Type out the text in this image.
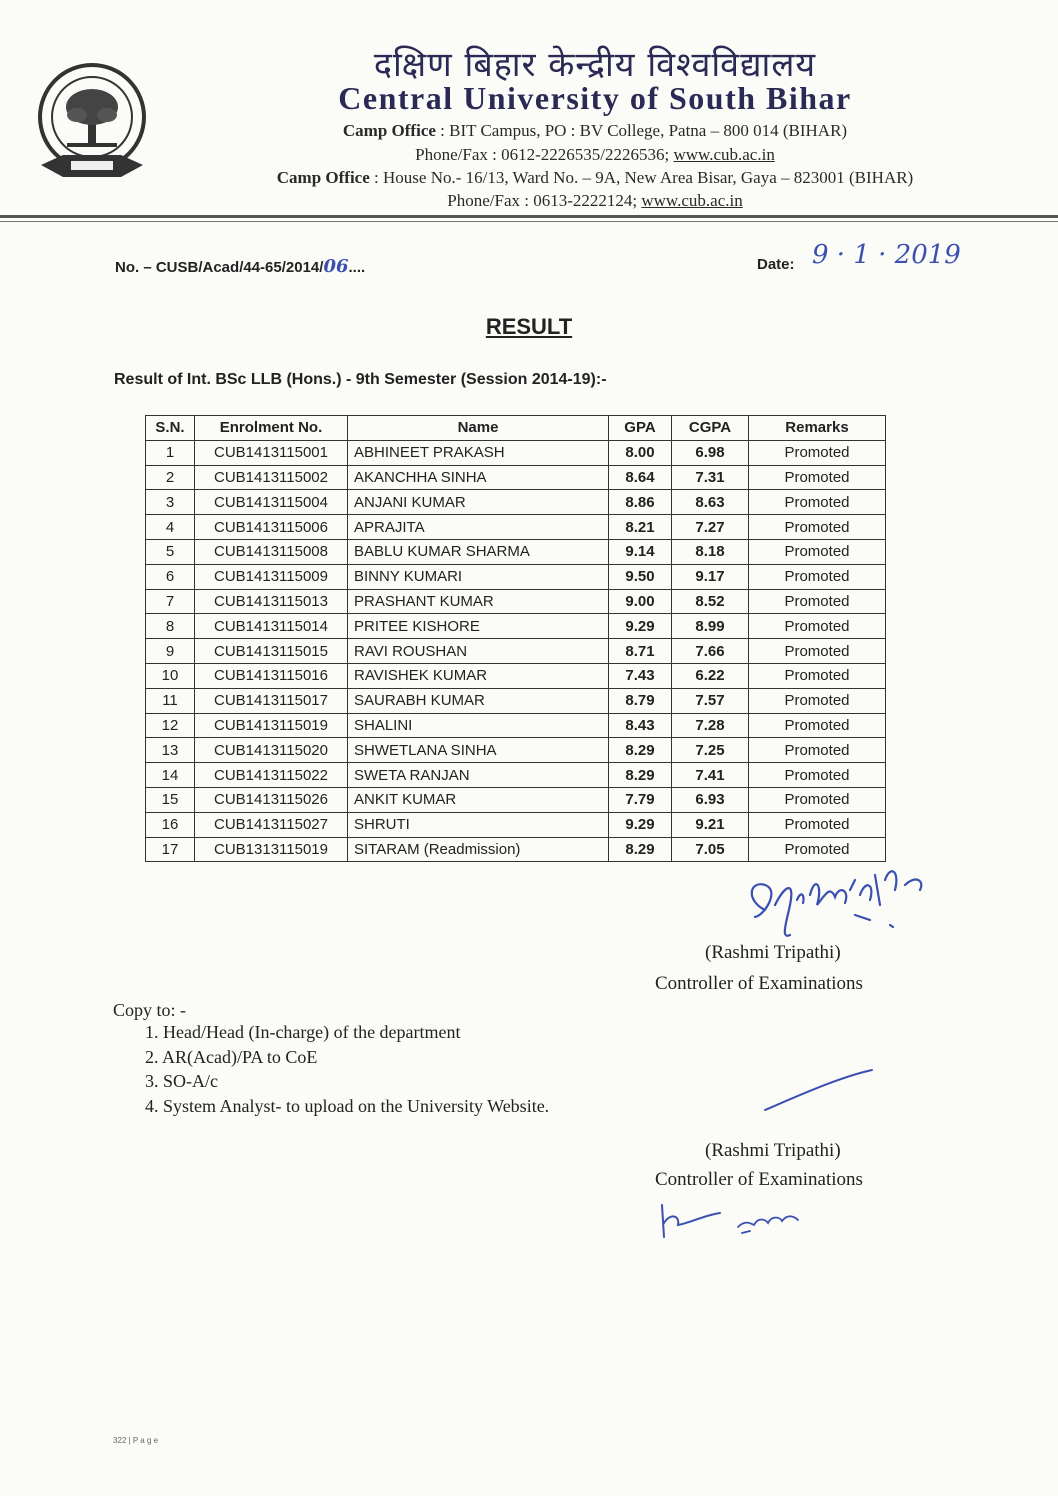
दक्षिण बिहार केन्द्रीय विश्वविद्यालय
Central University of South Bihar
Camp Office : BIT Campus, PO : BV College, Patna – 800 014 (BIHAR)
Phone/Fax : 0612-2226535/2226536; www.cub.ac.in
Camp Office : House No.- 16/13, Ward No. – 9A, New Area Bisar, Gaya – 823001 (BIHAR)
Phone/Fax : 0613-2222124; www.cub.ac.in
No. – CUSB/Acad/44-65/2014/06....	Date: 9 · 1 · 2019
RESULT
Result of Int. BSc LLB (Hons.) - 9th Semester (Session 2014-19):-
S.N.	Enrolment No.	Name	GPA	CGPA	Remarks
1	CUB1413115001	ABHINEET PRAKASH	8.00	6.98	Promoted
2	CUB1413115002	AKANCHHA SINHA	8.64	7.31	Promoted
3	CUB1413115004	ANJANI KUMAR	8.86	8.63	Promoted
4	CUB1413115006	APRAJITA	8.21	7.27	Promoted
5	CUB1413115008	BABLU KUMAR SHARMA	9.14	8.18	Promoted
6	CUB1413115009	BINNY KUMARI	9.50	9.17	Promoted
7	CUB1413115013	PRASHANT KUMAR	9.00	8.52	Promoted
8	CUB1413115014	PRITEE KISHORE	9.29	8.99	Promoted
9	CUB1413115015	RAVI ROUSHAN	8.71	7.66	Promoted
10	CUB1413115016	RAVISHEK KUMAR	7.43	6.22	Promoted
11	CUB1413115017	SAURABH KUMAR	8.79	7.57	Promoted
12	CUB1413115019	SHALINI	8.43	7.28	Promoted
13	CUB1413115020	SHWETLANA SINHA	8.29	7.25	Promoted
14	CUB1413115022	SWETA RANJAN	8.29	7.41	Promoted
15	CUB1413115026	ANKIT KUMAR	7.79	6.93	Promoted
16	CUB1413115027	SHRUTI	9.29	9.21	Promoted
17	CUB1313115019	SITARAM (Readmission)	8.29	7.05	Promoted
(Rashmi Tripathi)
Controller of Examinations
Copy to: -
1. Head/Head (In-charge) of the department
2. AR(Acad)/PA to CoE
3. SO-A/c
4. System Analyst- to upload on the University Website.
(Rashmi Tripathi)
Controller of Examinations
322 | P a g e
